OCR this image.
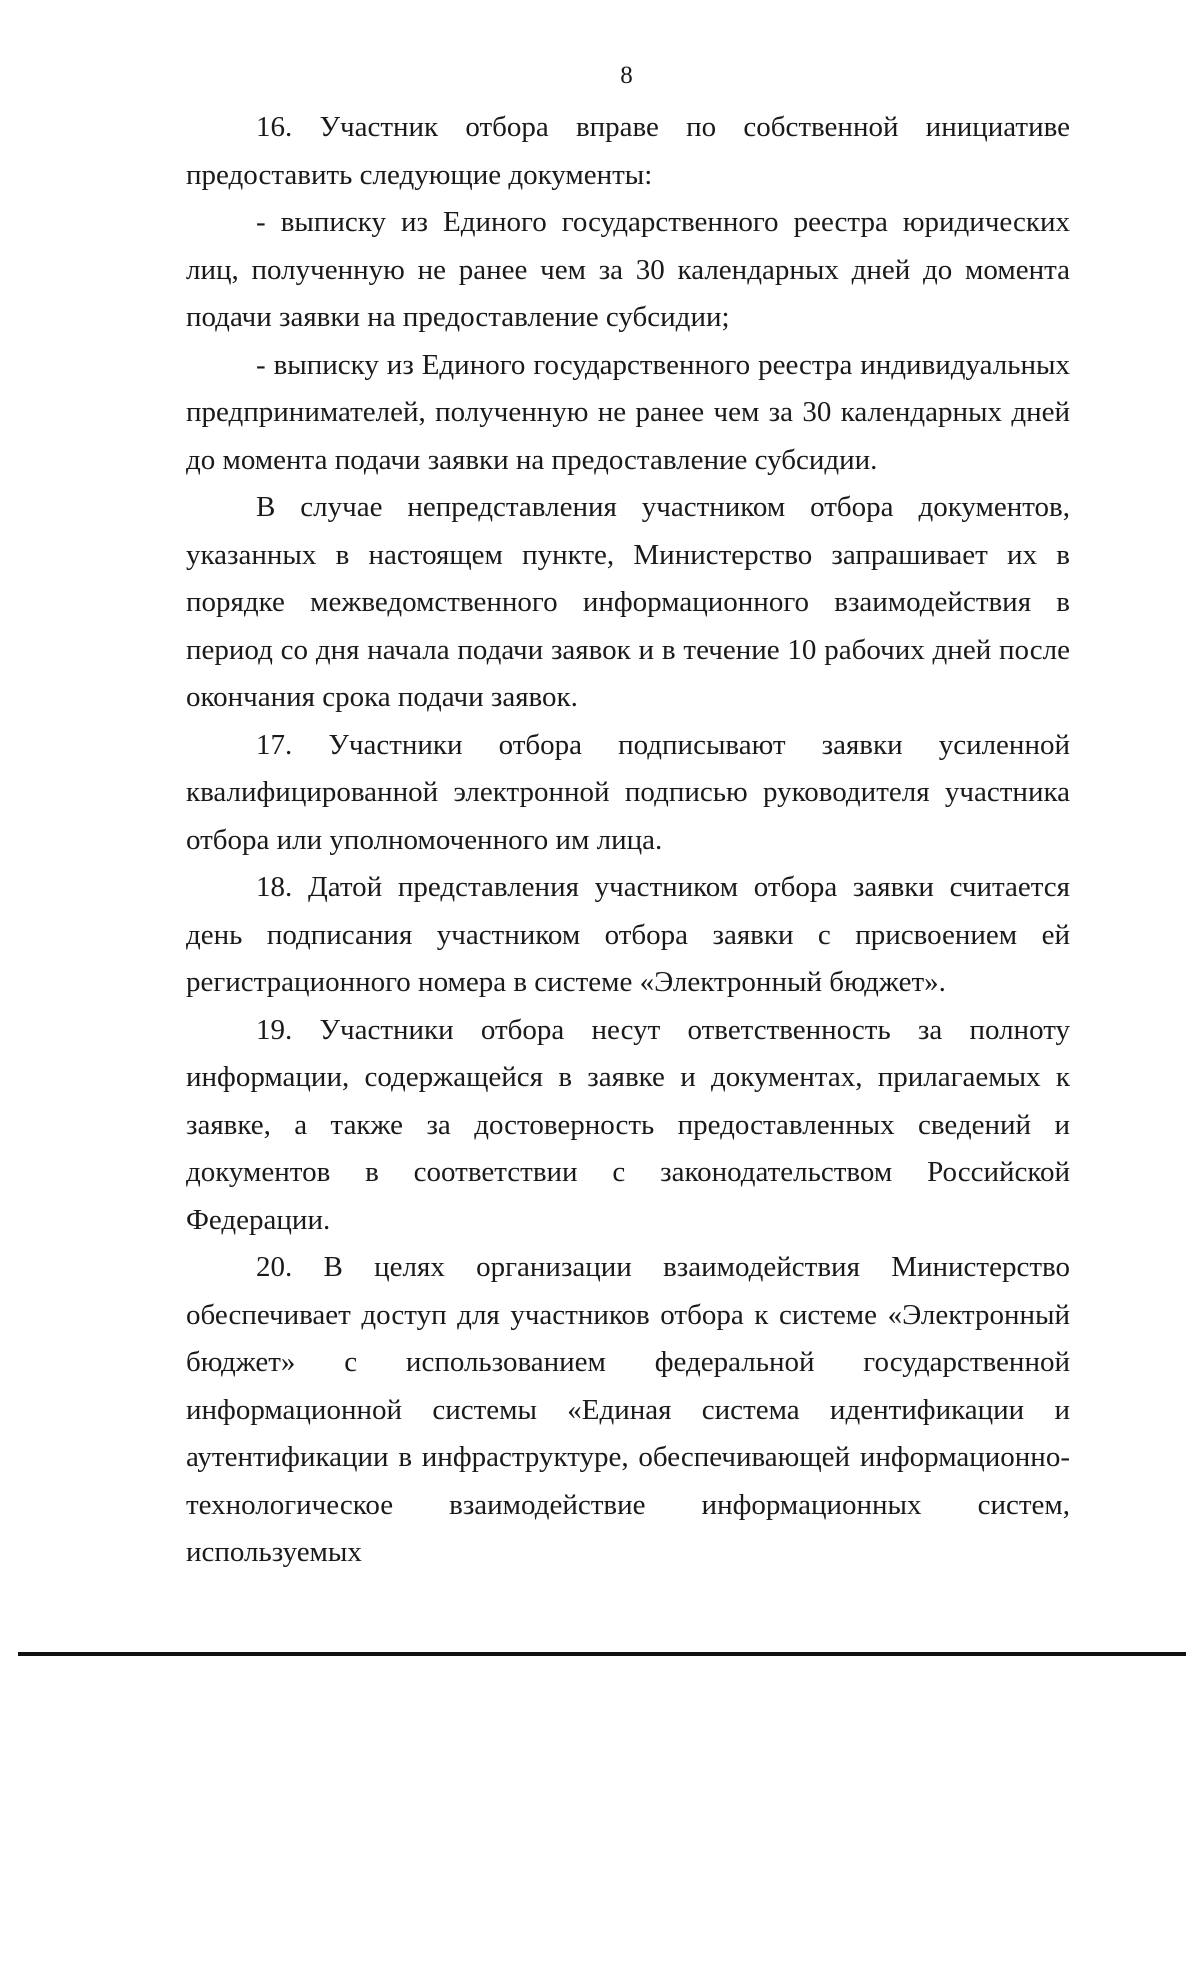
8

16. Участник отбора вправе по собственной инициативе предоставить следующие документы:

- выписку из Единого государственного реестра юридических лиц, полученную не ранее чем за 30 календарных дней до момента подачи заявки на предоставление субсидии;

- выписку из Единого государственного реестра индивидуальных предпринимателей, полученную не ранее чем за 30 календарных дней до момента подачи заявки на предоставление субсидии.

В случае непредставления участником отбора документов, указанных в настоящем пункте, Министерство запрашивает их в порядке межведомственного информационного взаимодействия в период со дня начала подачи заявок и в течение 10 рабочих дней после окончания срока подачи заявок.

17. Участники отбора подписывают заявки усиленной квалифицированной электронной подписью руководителя участника отбора или уполномоченного им лица.

18. Датой представления участником отбора заявки считается день подписания участником отбора заявки с присвоением ей регистрационного номера в системе «Электронный бюджет».

19. Участники отбора несут ответственность за полноту информации, содержащейся в заявке и документах, прилагаемых к заявке, а также за достоверность предоставленных сведений и документов в соответствии с законодательством Российской Федерации.

20. В целях организации взаимодействия Министерство обеспечивает доступ для участников отбора к системе «Электронный бюджет» с использованием федеральной государственной информационной системы «Единая система идентификации и аутентификации в инфраструктуре, обеспечивающей информационно-технологическое взаимодействие информационных систем, используемых
